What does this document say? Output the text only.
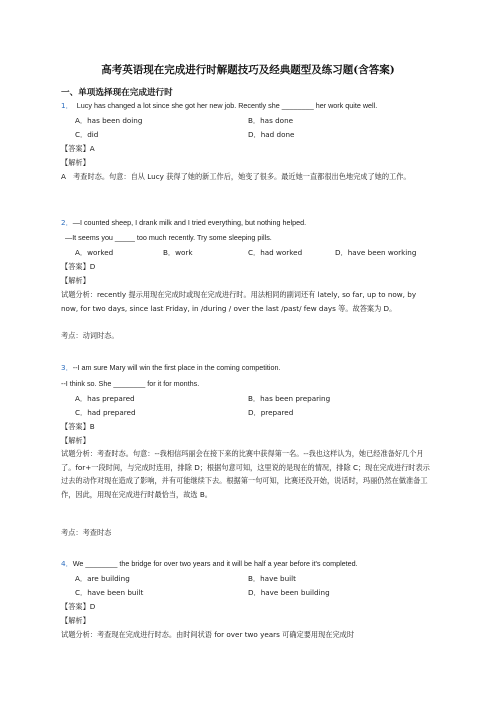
高考英语现在完成进行时解题技巧及经典题型及练习题(含答案)
一、单项选择现在完成进行时
1． Lucy has changed a lot since she got her new job. Recently she ________ her work quite well.
A．has been doing	B．has done
C．did	D．had done
【答案】A
【解析】
A　考查时态。句意：自从 Lucy 获得了她的新工作后，她变了很多。最近她一直都很出色地完成了她的工作。
2．—I counted sheep, I drank milk and I tried everything, but nothing helped.
—It seems you _____ too much recently. Try some sleeping pills.
A．worked	B．work	C．had worked	D．have been working
【答案】D
【解析】
试题分析：recently 提示用现在完成时或现在完成进行时。用法相同的副词还有 lately, so far, up to now, by now, for two days, since last Friday, in /during / over the last /past/ few days 等。故答案为 D。
考点：动词时态。
3．--I am sure Mary will win the first place in the coming competition.
--I think so. She ________ for it for months.
A．has prepared	B．has been preparing
C．had prepared	D．prepared
【答案】B
【解析】
试题分析：考查时态。句意：--我相信玛丽会在接下来的比赛中获得第一名。--我也这样认为，她已经准备好几个月了。for+一段时间，与完成时连用，排除 D；根据句意可知，这里说的是现在的情况，排除 C；现在完成进行时表示过去的动作对现在造成了影响，并有可能继续下去。根据第一句可知，比赛还没开始，说话时，玛丽仍然在做准备工作，因此，用现在完成进行时最恰当，故选 B。
考点：考查时态
4．We ________ the bridge for over two years and it will be half a year before it's completed.
A．are building	B．have built
C．have been built	D．have been building
【答案】D
【解析】
试题分析：考查现在完成进行时态。由时间状语 for over two years 可确定要用现在完成时
